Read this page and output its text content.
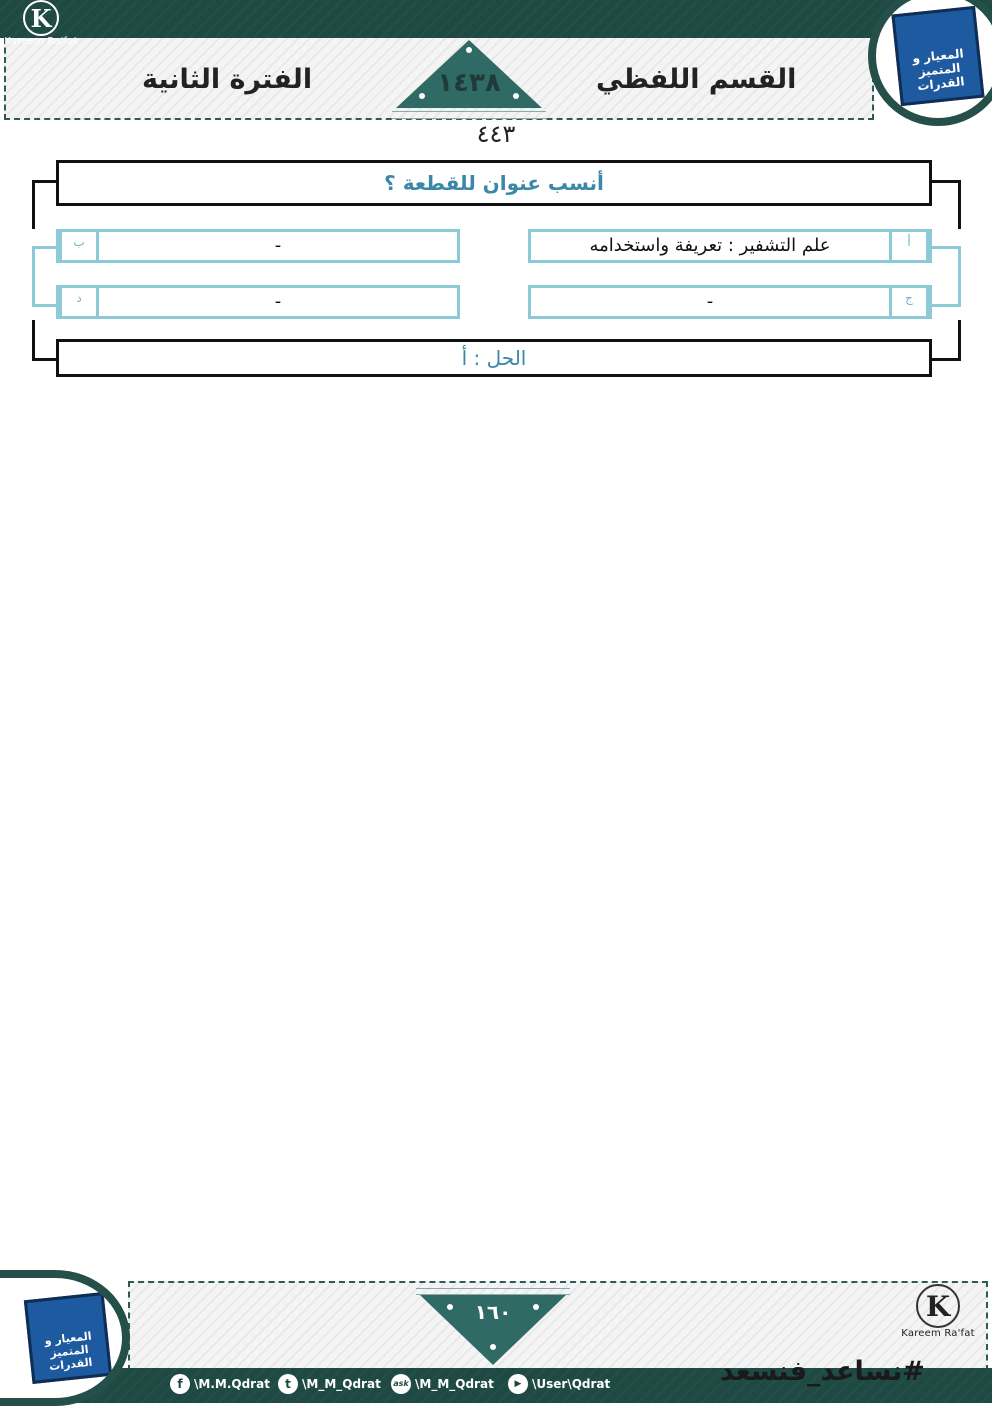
K
Kareem Ra'fat
القسم اللفظي
الفترة الثانية	١٤٣٨
المعيار و المتميز القدرات
٤٤٣
أنسب عنوان للقطعة ؟
علم التشفير : تعريفة واستخدامه	أ
ب	-
-	ج
د	-
الحل : أ
المعيار و المتميز القدرات
١٦٠	K
Kareem Ra'fat
#نساعد_فنسعد
f \M.M.Qdrat	t \M_M_Qdrat ask \M_M_Qdrat	▶ \User\Qdrat
